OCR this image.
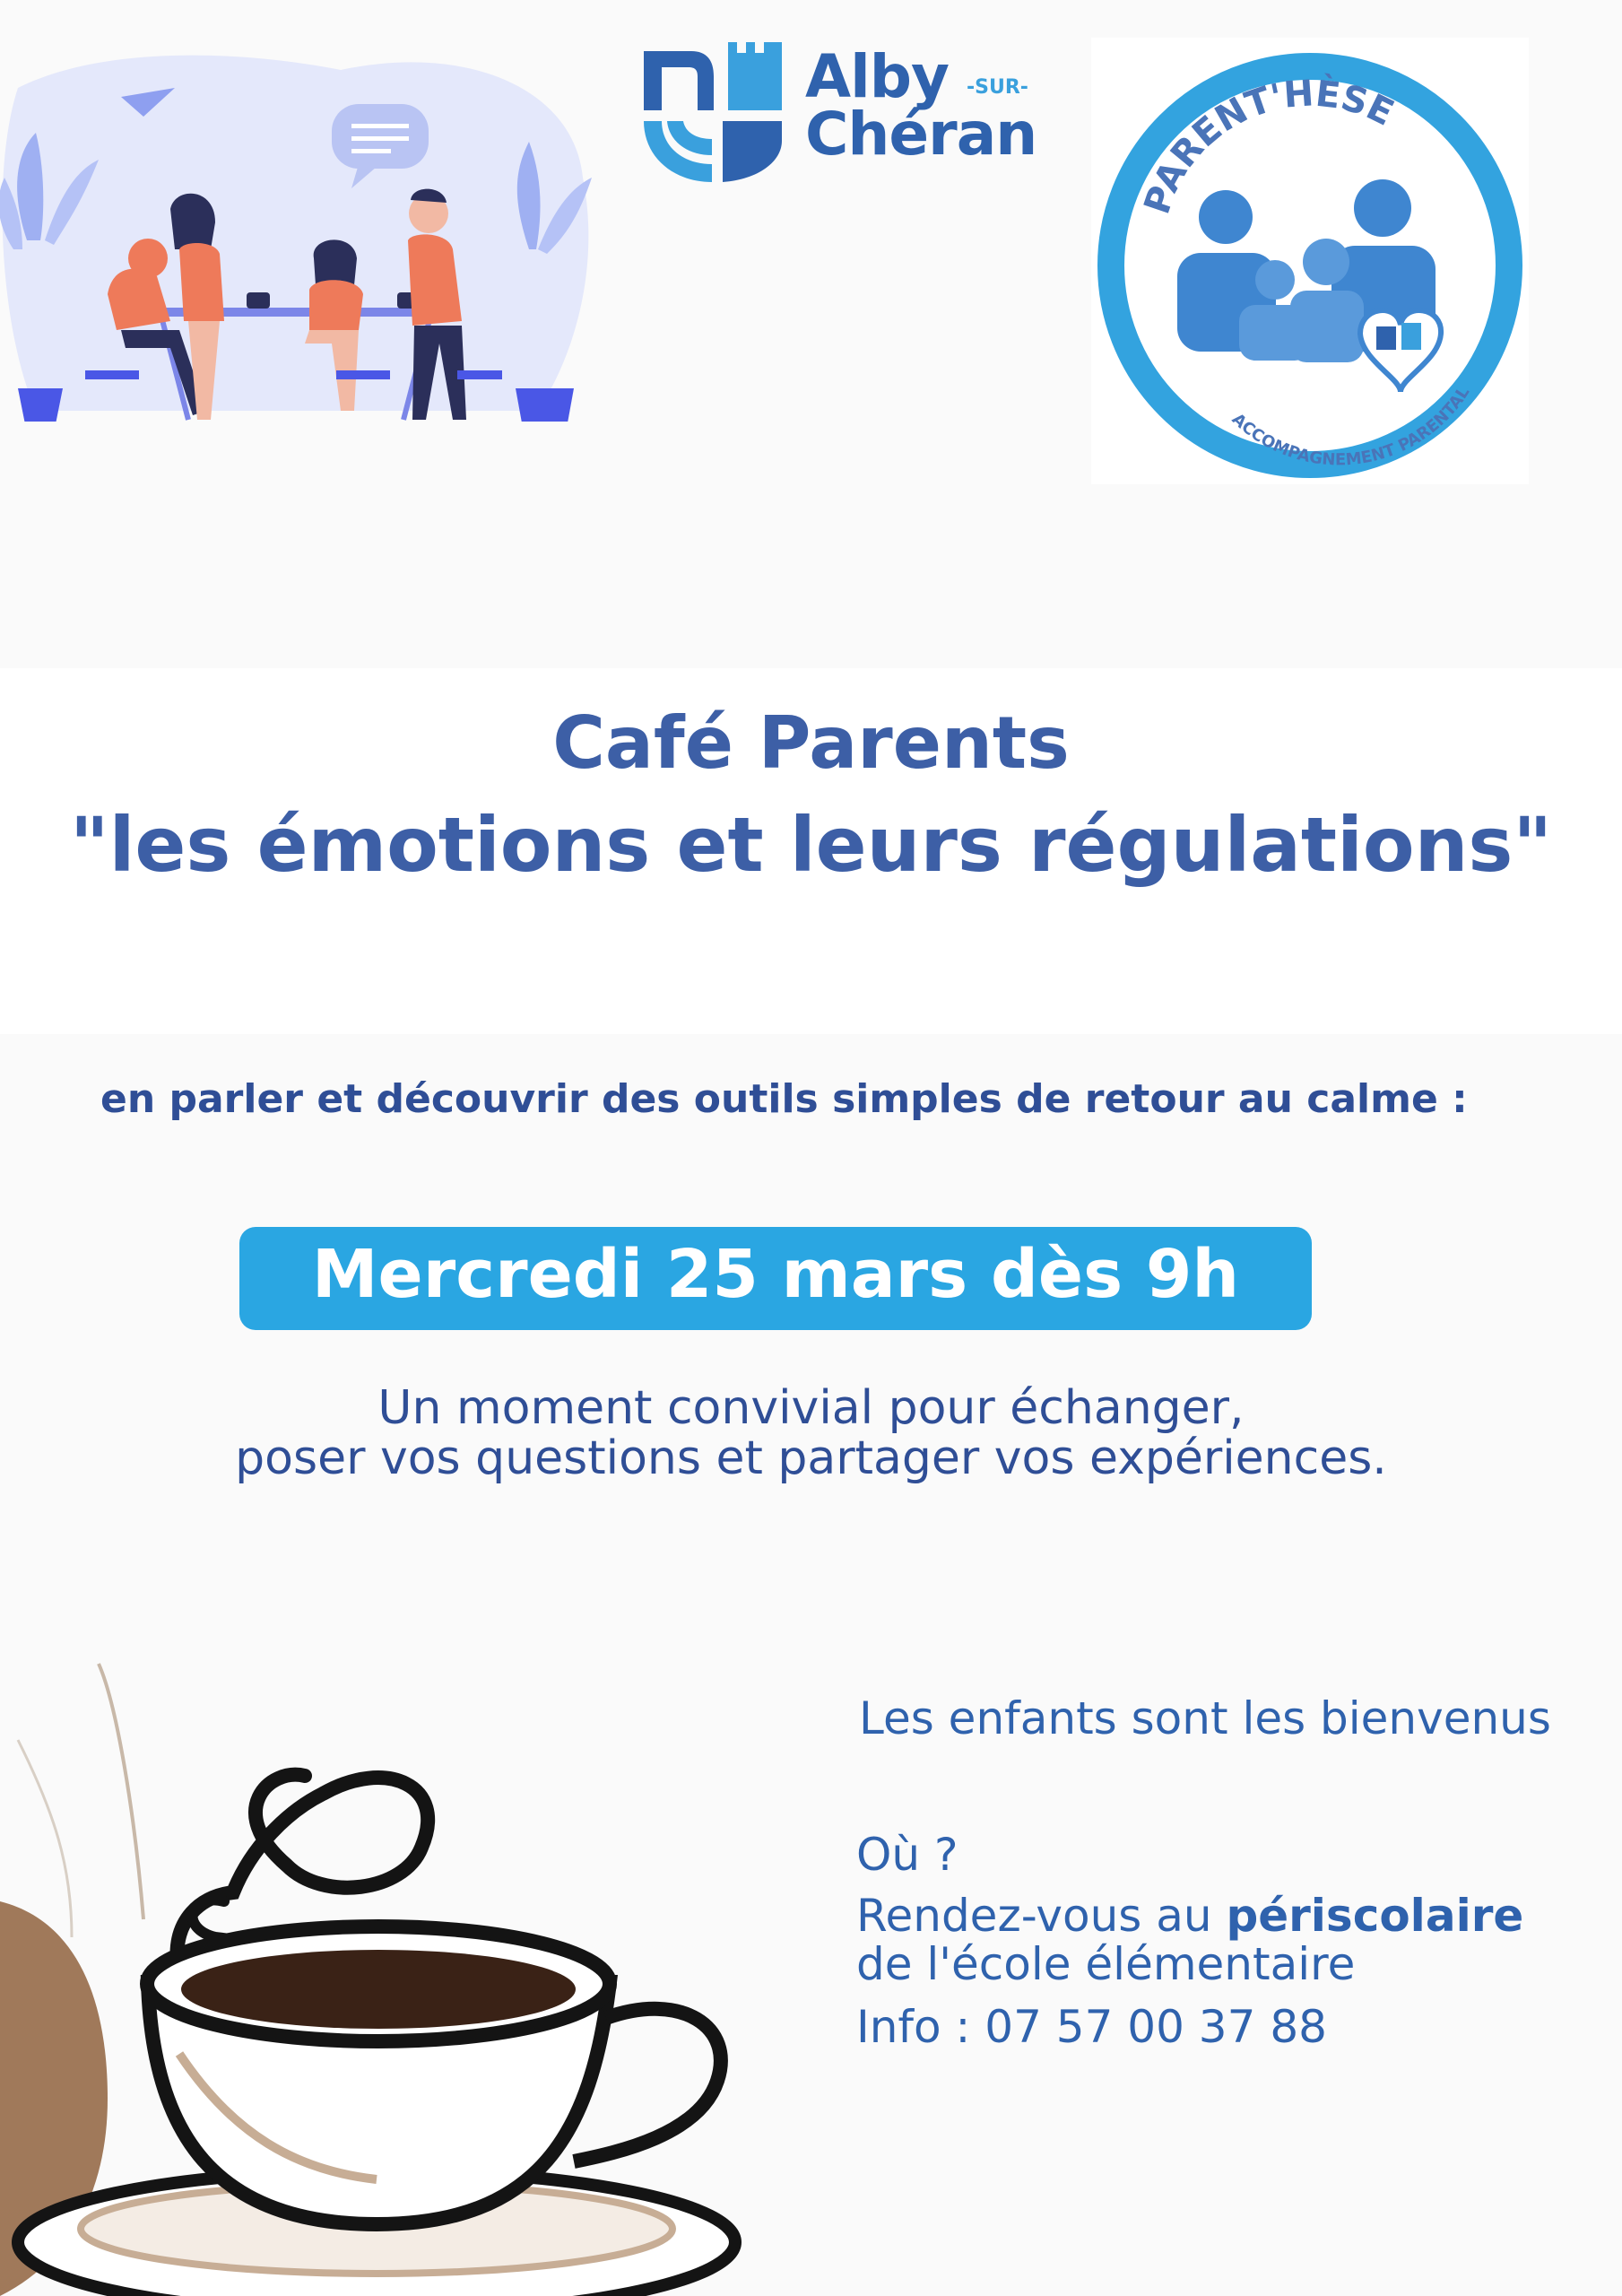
Alby -SUR-
Chéran
PARENT'HÈSE
ACCOMPAGNEMENT PARENTAL
Café Parents
"les émotions et leurs régulations"
en parler et découvrir des outils simples de retour au calme :
Mercredi 25 mars dès 9h
Un moment convivial pour échanger,
poser vos questions et partager vos expériences.
Les enfants sont les bienvenus
Où ?
Rendez-vous au périscolaire
de l'école élémentaire
Info : 07 57 00 37 88
